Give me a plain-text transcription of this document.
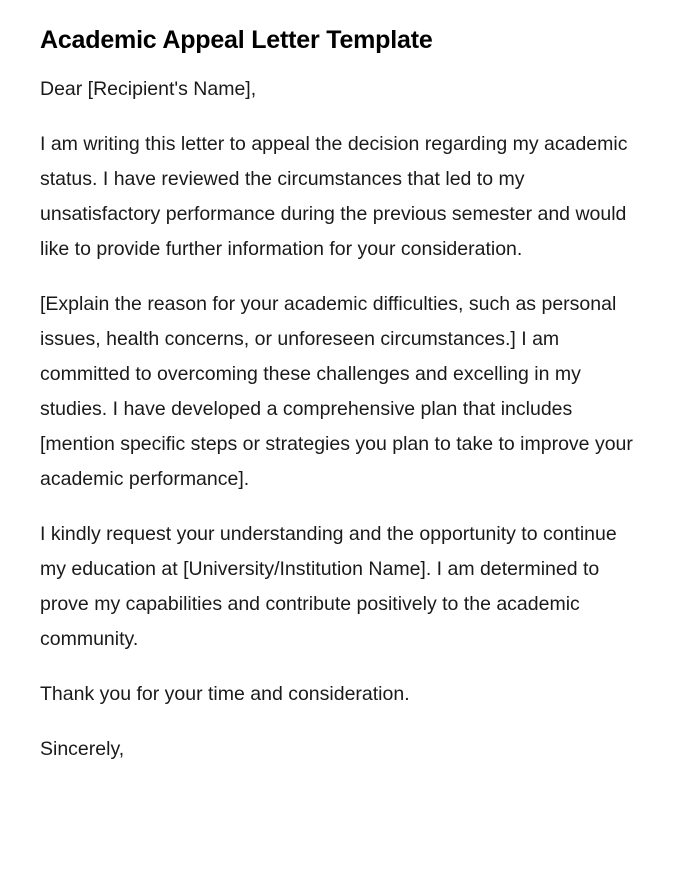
Academic Appeal Letter Template

Dear [Recipient's Name],

I am writing this letter to appeal the decision regarding my academic status. I have reviewed the circumstances that led to my unsatisfactory performance during the previous semester and would like to provide further information for your consideration.

[Explain the reason for your academic difficulties, such as personal issues, health concerns, or unforeseen circumstances.] I am committed to overcoming these challenges and excelling in my studies. I have developed a comprehensive plan that includes [mention specific steps or strategies you plan to take to improve your academic performance].

I kindly request your understanding and the opportunity to continue my education at [University/Institution Name]. I am determined to prove my capabilities and contribute positively to the academic community.

Thank you for your time and consideration.

Sincerely,
